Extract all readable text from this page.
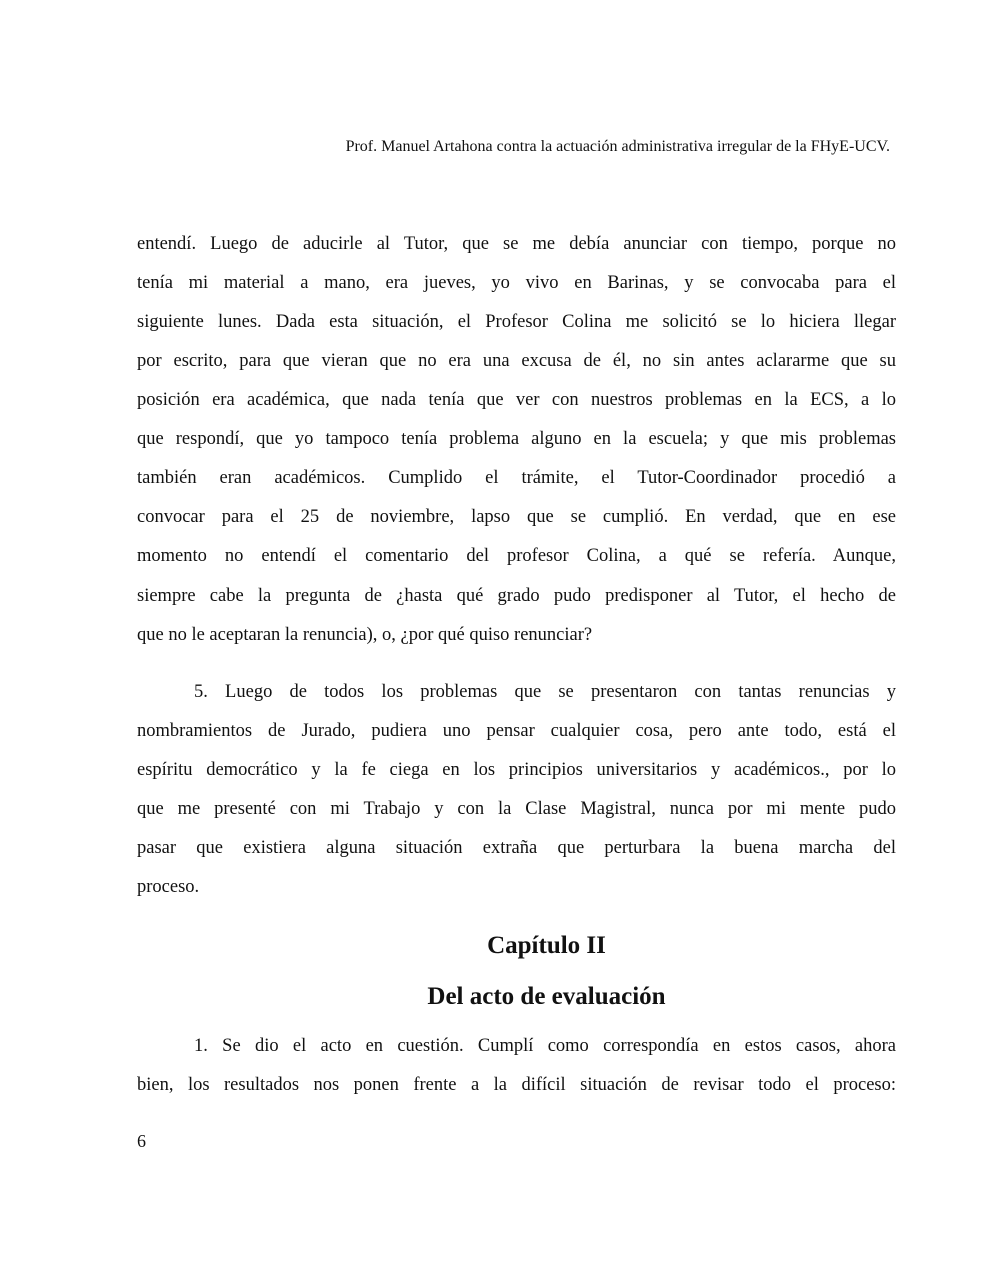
Prof. Manuel Artahona contra la actuación administrativa irregular de la FHyE-UCV.
entendí. Luego de aducirle al Tutor, que se me debía anunciar con tiempo, porque no
tenía mi material a mano, era jueves, yo vivo en Barinas, y se convocaba para el
siguiente lunes. Dada esta situación, el Profesor Colina me solicitó se lo hiciera llegar
por escrito, para que vieran que no era una excusa de él, no sin antes aclararme que su
posición era académica, que nada tenía que ver con nuestros problemas en la ECS, a lo
que respondí, que yo tampoco tenía problema alguno en la escuela; y que mis problemas
también eran académicos. Cumplido el trámite, el Tutor-Coordinador procedió a
convocar para el 25 de noviembre, lapso que se cumplió. En verdad, que en ese
momento no entendí el comentario del profesor Colina, a qué se refería. Aunque,
siempre cabe la pregunta de ¿hasta qué grado pudo predisponer al Tutor, el hecho de
que no le aceptaran la renuncia), o, ¿por qué quiso renunciar?
5. Luego de todos los problemas que se presentaron con tantas renuncias y
nombramientos de Jurado, pudiera uno pensar cualquier cosa, pero ante todo, está el
espíritu democrático y la fe ciega en los principios universitarios y académicos., por lo
que me presenté con mi Trabajo y con la Clase Magistral, nunca por mi mente pudo
pasar que existiera alguna situación extraña que perturbara la buena marcha del
proceso.
Capítulo II
Del acto de evaluación
1. Se dio el acto en cuestión. Cumplí como correspondía en estos casos, ahora
bien, los resultados nos ponen frente a la difícil situación de revisar todo el proceso:
6
